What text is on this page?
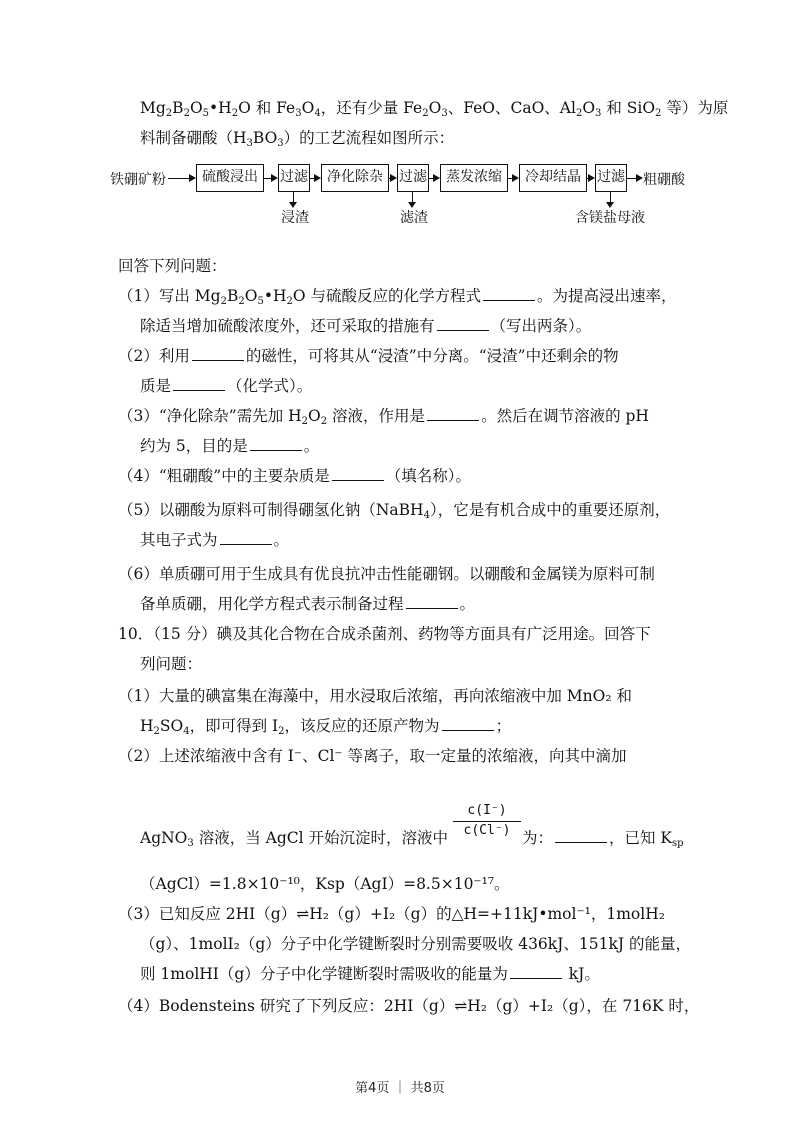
$Mg_2B_2O_5•H_2O$ 和 $Fe_3O_4$，还有少量 $Fe_2O_3$、FeO、CaO、$Al_2O_3$ 和 SiO$_2$ 等）为原
料制备硼酸$(H_3BO_3)$的工艺流程如图所示：
铁硼矿粉	硫酸浸出	过滤
浸渣
净化除杂	过滤
滤渣
蒸发浓缩	冷却结晶	过滤
含镁盐母液
粗硼酸
回答下列问题：
（1）写出 $Mg_2B_2O_5•H_2O$ 与硫酸反应的化学方程式	。为提高浸出速率，
除适当增加硫酸浓度外，还可采取的措施有	（写出两条）。
（2）利用	的磁性，可将其从“浸渣”中分离。“浸渣”中还剩余的物
质是	（化学式）。
（3）“净化除杂”需先加 $H_2O_2$ 溶液，作用是	。然后在调节溶液的 pH
约为 5，目的是	。
（4）“粗硼酸”中的主要杂质是	（填名称）。
（5）以硼酸为原料可制得硼氢化钠（NaBH$_4$），它是有机合成中的重要还原剂，
其电子式为	。
（6）单质硼可用于生成具有优良抗冲击性能硼钢。以硼酸和金属镁为原料可制
备单质硼，用化学方程式表示制备过程	。
10．（15 分）碘及其化合物在合成杀菌剂、药物等方面具有广泛用途。回答下
列问题：
（1）大量的碘富集在海藻中，用水浸取后浓缩，再向浓缩液中加 MnO₂ 和
$H_2SO_4$，即可得到 $I_2$，该反应的还原产物为	；
（2）上述浓缩液中含有 I⁻、Cl⁻ 等离子，取一定量的浓缩液，向其中滴加
c(I⁻)
c(Cl⁻)
AgNO$_3$ 溶液，当 AgCl 开始沉淀时，溶液中	为：	，已知 $K_{sp}$
（AgCl）=1.8×10⁻¹⁰，Ksp（AgI）=8.5×10⁻¹⁷。
（3）已知反应 2HI（g）⇌H₂（g）+I₂（g）的△H=+11kJ•mol⁻¹，1molH₂
（g）、1molI₂（g）分子中化学键断裂时分别需要吸收 436kJ、151kJ 的能量，
则 1molHI（g）分子中化学键断裂时需吸收的能量为	kJ。
（4）Bodensteins 研究了下列反应：2HI（g）⇌H₂（g）+I₂（g），在 716K 时，
第4页 ｜ 共8页
